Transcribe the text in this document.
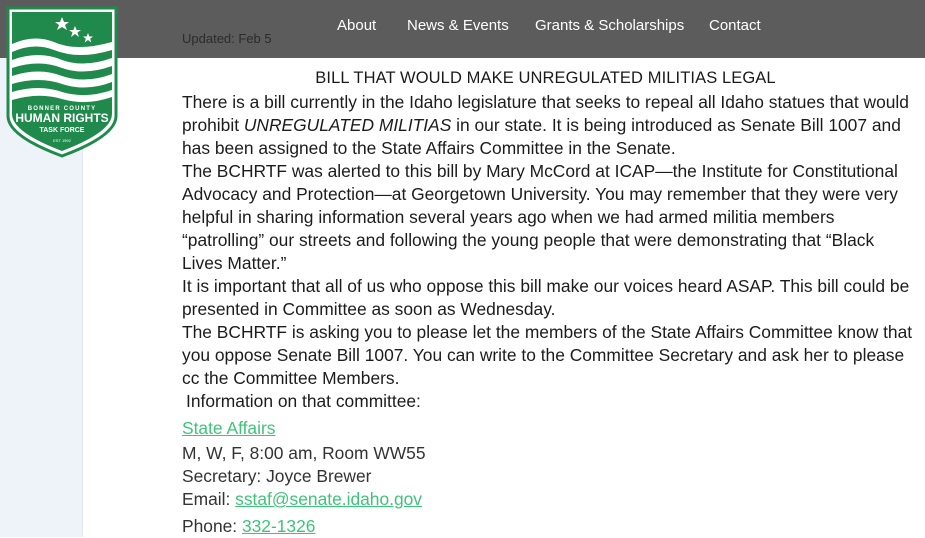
About News & Events Grants & Scholarships Contact
Updated: Feb 5
BONNER COUNTY
HUMAN RIGHTS
TASK FORCE
EST 1992
BILL THAT WOULD MAKE UNREGULATED MILITIAS LEGAL

There is a bill currently in the Idaho legislature that seeks to repeal all Idaho statues that would prohibit UNREGULATED MILITIAS in our state. It is being introduced as Senate Bill 1007 and has been assigned to the State Affairs Committee in the Senate.

The BCHRTF was alerted to this bill by Mary McCord at ICAP—the Institute for Constitutional Advocacy and Protection—at Georgetown University. You may remember that they were very helpful in sharing information several years ago when we had armed militia members “patrolling” our streets and following the young people that were demonstrating that “Black Lives Matter.”

It is important that all of us who oppose this bill make our voices heard ASAP. This bill could be presented in Committee as soon as Wednesday.

The BCHRTF is asking you to please let the members of the State Affairs Committee know that you oppose Senate Bill 1007. You can write to the Committee Secretary and ask her to please cc the Committee Members.

Information on that committee:

State Affairs

M, W, F, 8:00 am, Room WW55

Secretary: Joyce Brewer

Email: sstaf@senate.idaho.gov

Phone: 332-1326
